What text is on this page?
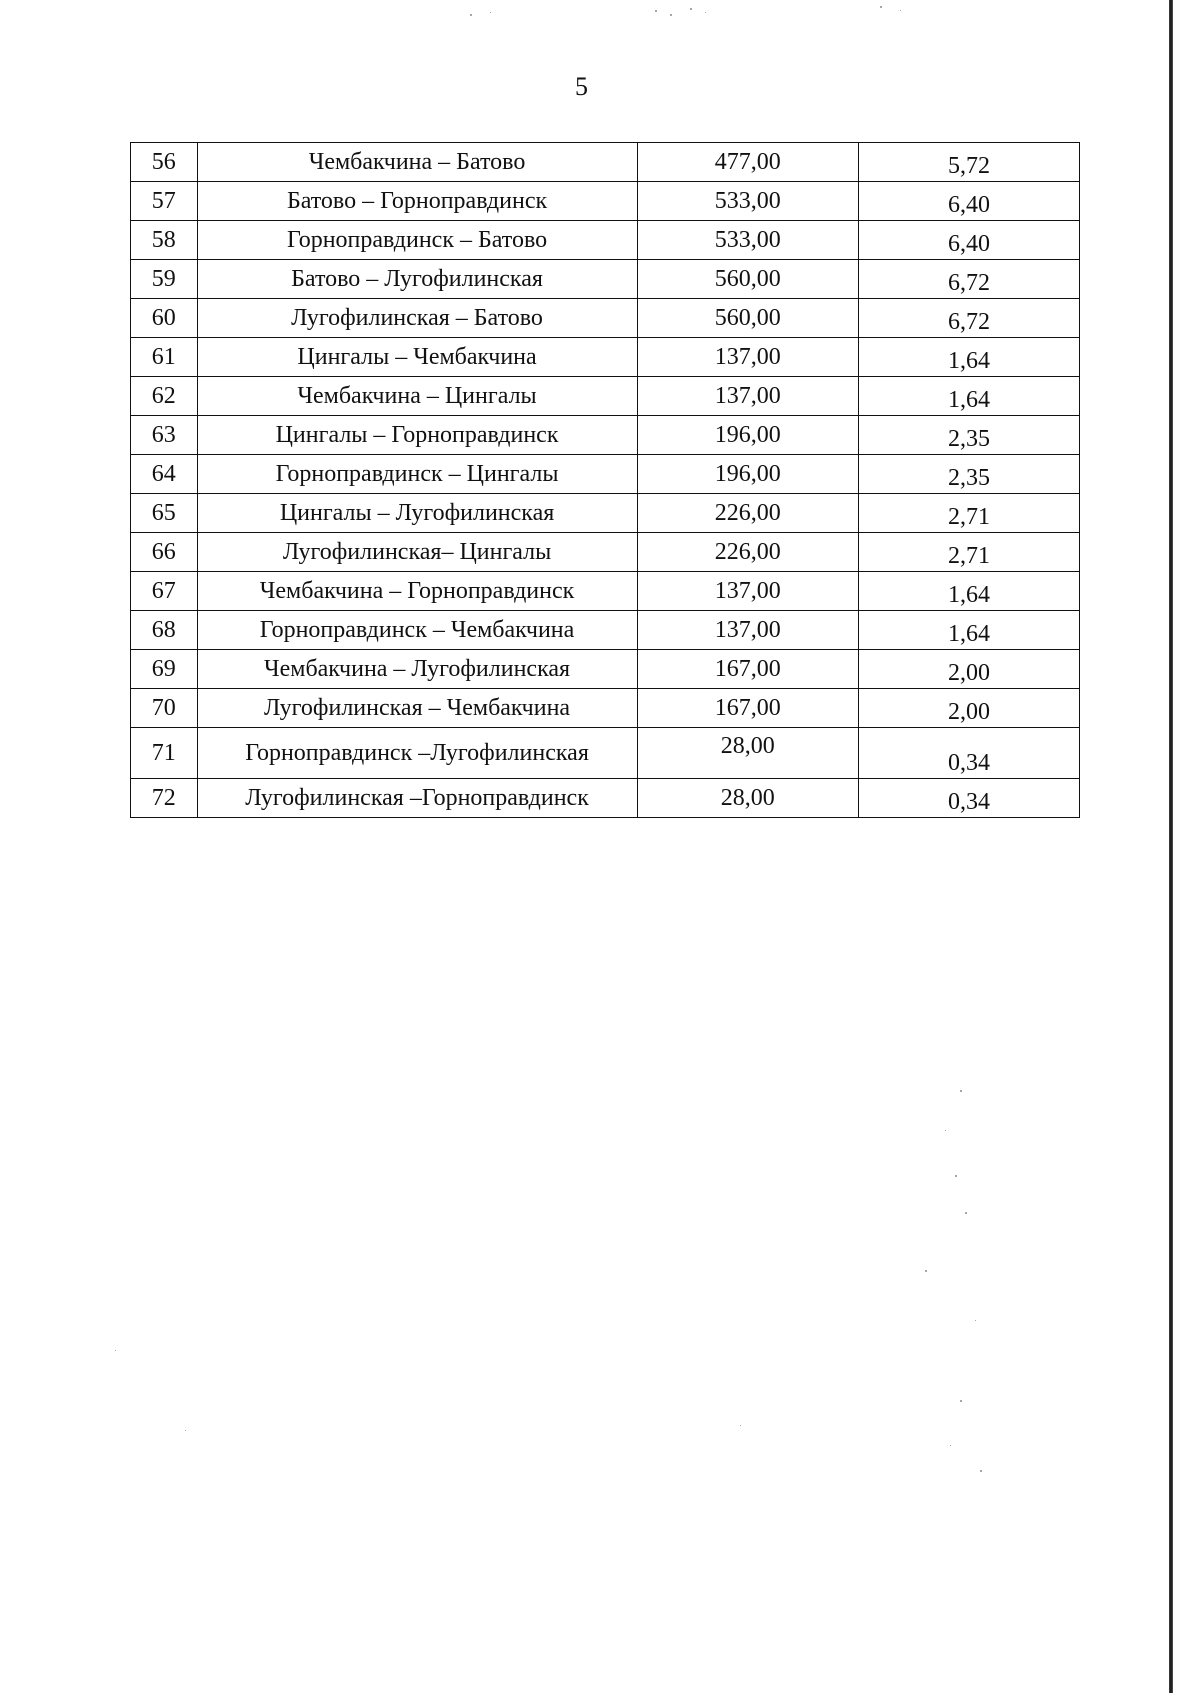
5
56	Чембакчина – Батово	477,00	5,72
57	Батово – Горноправдинск	533,00	6,40
58	Горноправдинск – Батово	533,00	6,40
59	Батово – Лугофилинская	560,00	6,72
60	Лугофилинская – Батово	560,00	6,72
61	Цингалы – Чембакчина	137,00	1,64
62	Чембакчина – Цингалы	137,00	1,64
63	Цингалы – Горноправдинск	196,00	2,35
64	Горноправдинск – Цингалы	196,00	2,35
65	Цингалы – Лугофилинская	226,00	2,71
66	Лугофилинская– Цингалы	226,00	2,71
67	Чембакчина – Горноправдинск	137,00	1,64
68	Горноправдинск – Чембакчина	137,00	1,64
69	Чембакчина – Лугофилинская	167,00	2,00
70	Лугофилинская – Чембакчина	167,00	2,00
71	Горноправдинск –Лугофилинская	28,00	0,34
72	Лугофилинская –Горноправдинск	28,00	0,34
